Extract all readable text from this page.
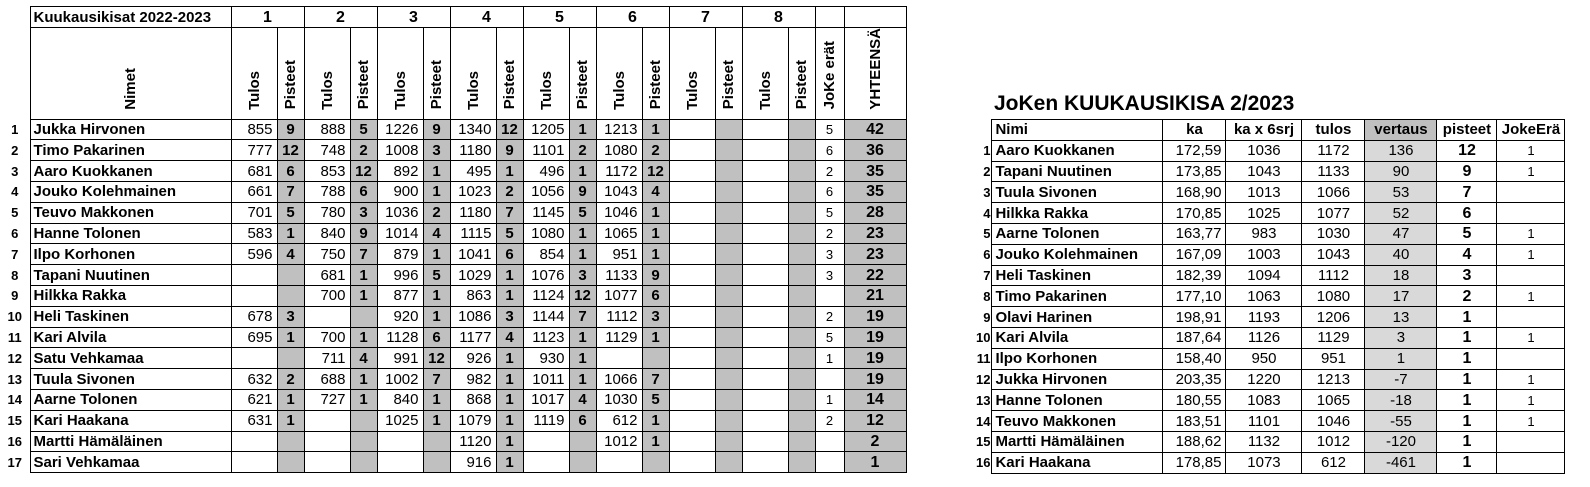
	Kuukausikisat 2022-2023	1		2		3		4		5		6		7		8			
	Nimet	Tulos	Pisteet	Tulos	Pisteet	Tulos	Pisteet	Tulos	Pisteet	Tulos	Pisteet	Tulos	Pisteet	Tulos	Pisteet	Tulos	Pisteet	JoKe erät	YHTEENSÄ
1	Jukka Hirvonen	855	9	888	5	1226	9	1340	12	1205	1	1213	1					5	42
2	Timo Pakarinen	777	12	748	2	1008	3	1180	9	1101	2	1080	2					6	36
3	Aaro Kuokkanen	681	6	853	12	892	1	495	1	496	1	1172	12					2	35
4	Jouko Kolehmainen	661	7	788	6	900	1	1023	2	1056	9	1043	4					6	35
5	Teuvo Makkonen	701	5	780	3	1036	2	1180	7	1145	5	1046	1					5	28
6	Hanne Tolonen	583	1	840	9	1014	4	1115	5	1080	1	1065	1					2	23
7	Ilpo Korhonen	596	4	750	7	879	1	1041	6	854	1	951	1					3	23
8	Tapani Nuutinen			681	1	996	5	1029	1	1076	3	1133	9					3	22
9	Hilkka Rakka			700	1	877	1	863	1	1124	12	1077	6						21
10	Heli Taskinen	678	3			920	1	1086	3	1144	7	1112	3					2	19
11	Kari Alvila	695	1	700	1	1128	6	1177	4	1123	1	1129	1					5	19
12	Satu Vehkamaa			711	4	991	12	926	1	930	1							1	19
13	Tuula Sivonen	632	2	688	1	1002	7	982	1	1011	1	1066	7						19
14	Aarne Tolonen	621	1	727	1	840	1	868	1	1017	4	1030	5					1	14
15	Kari Haakana	631	1			1025	1	1079	1	1119	6	612	1					2	12
16	Martti Hämäläinen							1120	1			1012	1						2
17	Sari Vehkamaa							916	1										1
JoKen KUUKAUSIKISA 2/2023
	Nimi	ka	ka x 6srj	tulos	vertaus	pisteet	JokeErä
1	Aaro Kuokkanen	172,59	1036	1172	136	12	1
2	Tapani Nuutinen	173,85	1043	1133	90	9	1
3	Tuula Sivonen	168,90	1013	1066	53	7	
4	Hilkka Rakka	170,85	1025	1077	52	6	
5	Aarne Tolonen	163,77	983	1030	47	5	1
6	Jouko Kolehmainen	167,09	1003	1043	40	4	1
7	Heli Taskinen	182,39	1094	1112	18	3	
8	Timo Pakarinen	177,10	1063	1080	17	2	1
9	Olavi Harinen	198,91	1193	1206	13	1	
10	Kari Alvila	187,64	1126	1129	3	1	1
11	Ilpo Korhonen	158,40	950	951	1	1	
12	Jukka Hirvonen	203,35	1220	1213	-7	1	1
13	Hanne Tolonen	180,55	1083	1065	-18	1	1
14	Teuvo Makkonen	183,51	1101	1046	-55	1	1
15	Martti Hämäläinen	188,62	1132	1012	-120	1	
16	Kari Haakana	178,85	1073	612	-461	1	
